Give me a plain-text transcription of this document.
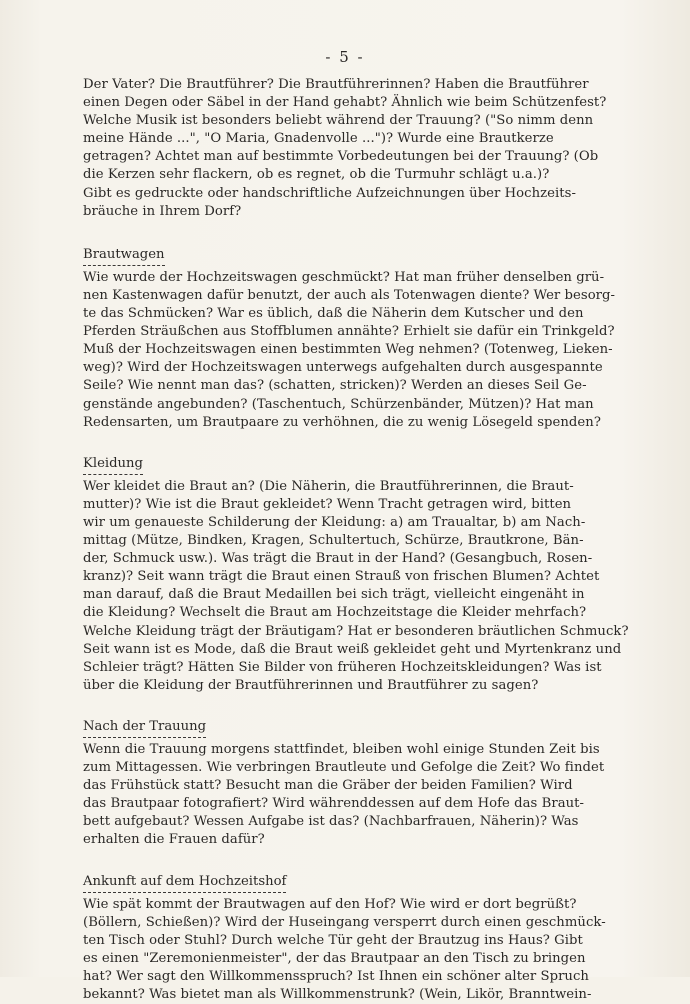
- 5 -
Der Vater? Die Brautführer? Die Brautführerinnen? Haben die Brautführer
einen Degen oder Säbel in der Hand gehabt? Ähnlich wie beim Schützenfest?
Welche Musik ist besonders beliebt während der Trauung? ("So nimm denn
meine Hände ...", "O Maria, Gnadenvolle ...")? Wurde eine Brautkerze
getragen? Achtet man auf bestimmte Vorbedeutungen bei der Trauung? (Ob
die Kerzen sehr flackern, ob es regnet, ob die Turmuhr schlägt u.a.)?
Gibt es gedruckte oder handschriftliche Aufzeichnungen über Hochzeits-
bräuche in Ihrem Dorf?
Brautwagen
Wie wurde der Hochzeitswagen geschmückt? Hat man früher denselben grü-
nen Kastenwagen dafür benutzt, der auch als Totenwagen diente? Wer besorg-
te das Schmücken? War es üblich, daß die Näherin dem Kutscher und den
Pferden Sträußchen aus Stoffblumen annähte? Erhielt sie dafür ein Trinkgeld?
Muß der Hochzeitswagen einen bestimmten Weg nehmen? (Totenweg, Lieken-
weg)? Wird der Hochzeitswagen unterwegs aufgehalten durch ausgespannte
Seile? Wie nennt man das? (schatten, stricken)? Werden an dieses Seil Ge-
genstände angebunden? (Taschentuch, Schürzenbänder, Mützen)? Hat man
Redensarten, um Brautpaare zu verhöhnen, die zu wenig Lösegeld spenden?
Kleidung
Wer kleidet die Braut an? (Die Näherin, die Brautführerinnen, die Braut-
mutter)? Wie ist die Braut gekleidet? Wenn Tracht getragen wird, bitten
wir um genaueste Schilderung der Kleidung: a) am Traualtar, b) am Nach-
mittag (Mütze, Bindken, Kragen, Schultertuch, Schürze, Brautkrone, Bän-
der, Schmuck usw.). Was trägt die Braut in der Hand? (Gesangbuch, Rosen-
kranz)? Seit wann trägt die Braut einen Strauß von frischen Blumen? Achtet
man darauf, daß die Braut Medaillen bei sich trägt, vielleicht eingenäht in
die Kleidung? Wechselt die Braut am Hochzeitstage die Kleider mehrfach?
Welche Kleidung trägt der Bräutigam? Hat er besonderen bräutlichen Schmuck?
Seit wann ist es Mode, daß die Braut weiß gekleidet geht und Myrtenkranz und
Schleier trägt? Hätten Sie Bilder von früheren Hochzeitskleidungen? Was ist
über die Kleidung der Brautführerinnen und Brautführer zu sagen?
Nach der Trauung
Wenn die Trauung morgens stattfindet, bleiben wohl einige Stunden Zeit bis
zum Mittagessen. Wie verbringen Brautleute und Gefolge die Zeit? Wo findet
das Frühstück statt? Besucht man die Gräber der beiden Familien? Wird
das Brautpaar fotografiert? Wird währenddessen auf dem Hofe das Braut-
bett aufgebaut? Wessen Aufgabe ist das? (Nachbarfrauen, Näherin)? Was
erhalten die Frauen dafür?
Ankunft auf dem Hochzeitshof
Wie spät kommt der Brautwagen auf den Hof? Wie wird er dort begrüßt?
(Böllern, Schießen)? Wird der Huseingang versperrt durch einen geschmück-
ten Tisch oder Stuhl? Durch welche Tür geht der Brautzug ins Haus? Gibt
es einen "Zeremonienmeister", der das Brautpaar an den Tisch zu bringen
hat? Wer sagt den Willkommensspruch? Ist Ihnen ein schöner alter Spruch
bekannt? Was bietet man als Willkommenstrunk? (Wein, Likör, Branntwein-
